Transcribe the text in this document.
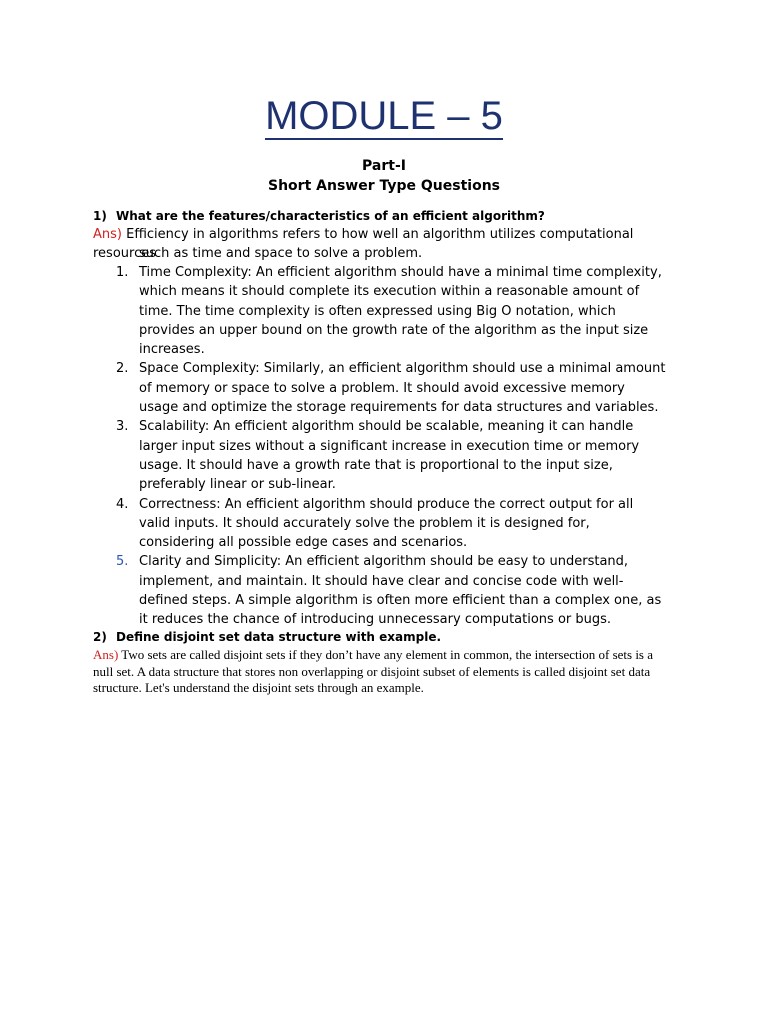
MODULE – 5
Part-I
Short Answer Type Questions
1) What are the features/characteristics of an efficient algorithm?
Ans) Efficiency in algorithms refers to how well an algorithm utilizes computational resources
such as time and space to solve a problem.
1. Time Complexity: An efficient algorithm should have a minimal time complexity, which means it should complete its execution within a reasonable amount of time. The time complexity is often expressed using Big O notation, which provides an upper bound on the growth rate of the algorithm as the input size increases.
2. Space Complexity: Similarly, an efficient algorithm should use a minimal amount of memory or space to solve a problem. It should avoid excessive memory usage and optimize the storage requirements for data structures and variables.
3. Scalability: An efficient algorithm should be scalable, meaning it can handle larger input sizes without a significant increase in execution time or memory usage. It should have a growth rate that is proportional to the input size, preferably linear or sub-linear.
4. Correctness: An efficient algorithm should produce the correct output for all valid inputs. It should accurately solve the problem it is designed for, considering all possible edge cases and scenarios.
5. Clarity and Simplicity: An efficient algorithm should be easy to understand, implement, and maintain. It should have clear and concise code with well-defined steps. A simple algorithm is often more efficient than a complex one, as it reduces the chance of introducing unnecessary computations or bugs.
2) Define disjoint set data structure with example.
Ans) Two sets are called disjoint sets if they don’t have any element in common, the intersection of sets is a null set. A data structure that stores non overlapping or disjoint subset of elements is called disjoint set data structure. Let's understand the disjoint sets through an example.
